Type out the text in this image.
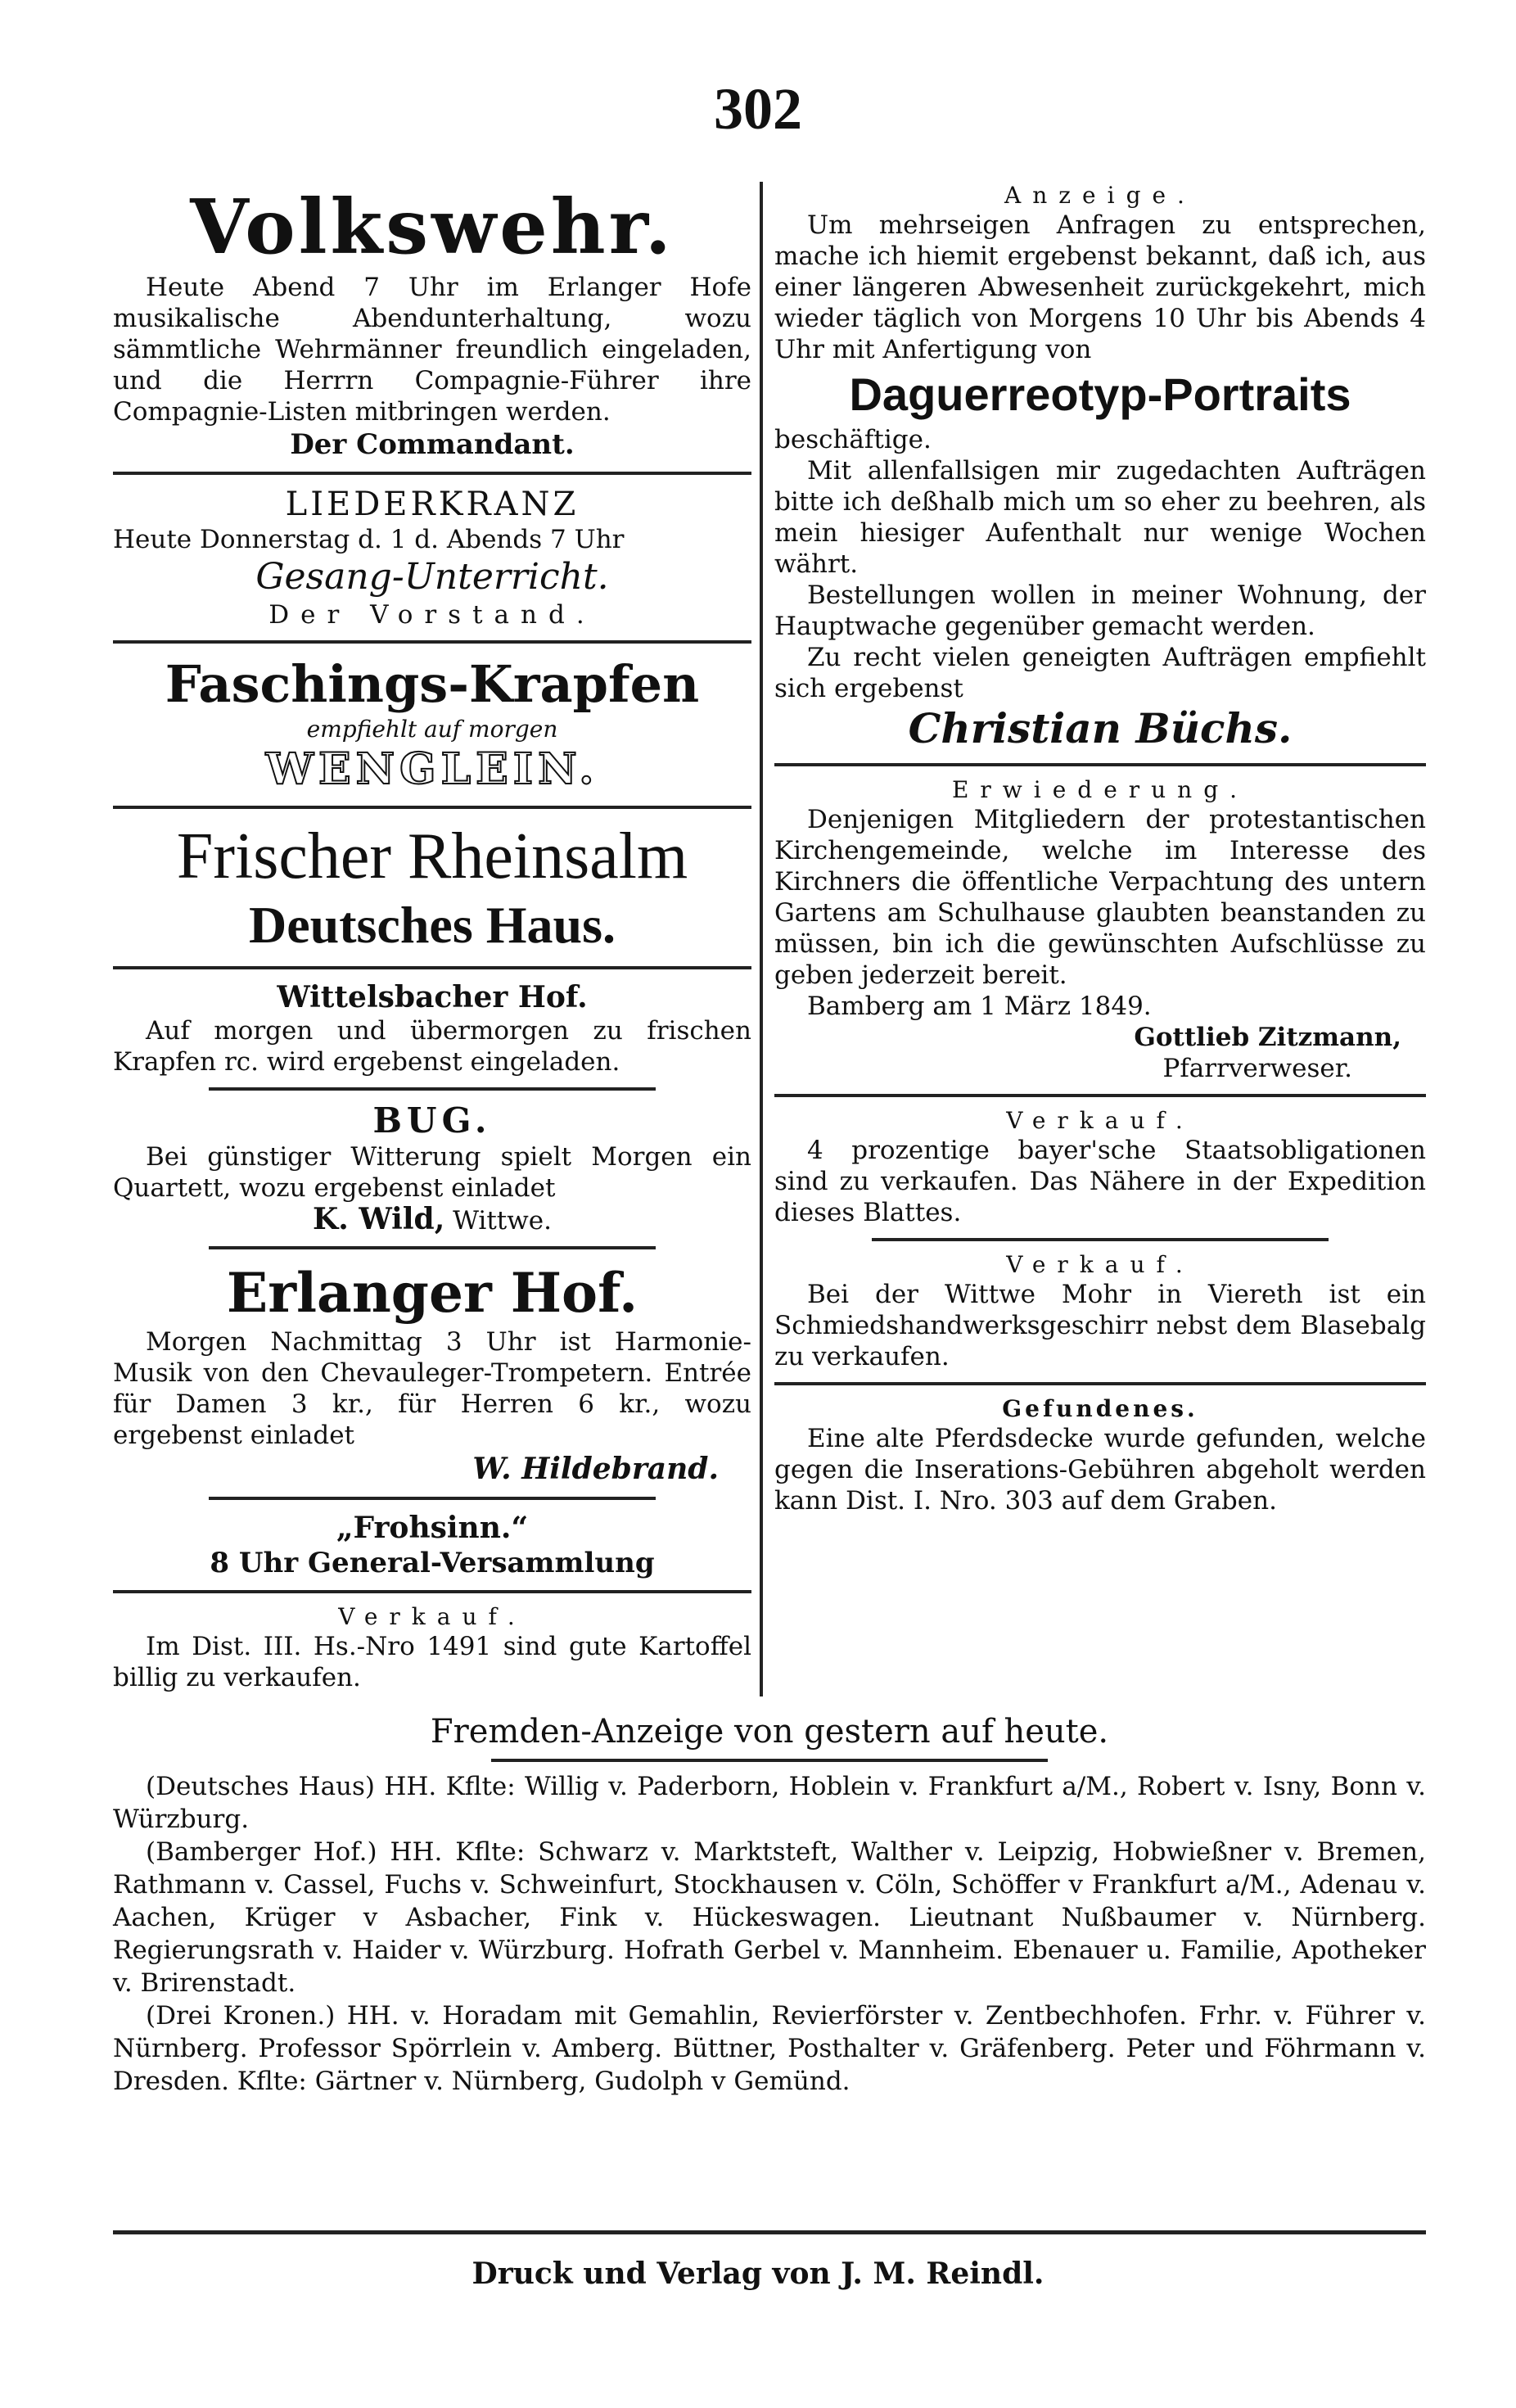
302
Volkswehr.

Heute Abend 7 Uhr im Erlanger Hofe musikalische Abendunterhaltung, wozu sämmtliche Wehrmänner freundlich eingeladen, und die Herrrn Compagnie-Führer ihre Compagnie-Listen mitbringen werden.

Der Commandant.

LIEDERKRANZ

Heute Donnerstag d. 1 d. Abends 7 Uhr

Gesang-Unterricht.

Der Vorstand.

Faschings-Krapfen

empfiehlt auf morgen

WENGLEIN.
Frischer Rheinsalm
Deutsches Haus.

Wittelsbacher Hof.

Auf morgen und übermorgen zu frischen Krapfen rc. wird ergebenst eingeladen.

BUG.

Bei günstiger Witterung spielt Morgen ein Quartett, wozu ergebenst einladet

K. Wild, Wittwe.

Erlanger Hof.

Morgen Nachmittag 3 Uhr ist Harmonie-Musik von den Chevauleger-Trompetern. Entrée für Damen 3 kr., für Herren 6 kr., wozu ergebenst einladet

W. Hildebrand.

„Frohsinn.“

8 Uhr General-Versammlung

Verkauf.

Im Dist. III. Hs.-Nro 1491 sind gute Kartoffel billig zu verkaufen.

Anzeige.

Um mehrseigen Anfragen zu entsprechen, mache ich hiemit ergebenst bekannt, daß ich, aus einer längeren Abwesenheit zurückgekehrt, mich wieder täglich von Morgens 10 Uhr bis Abends 4 Uhr mit Anfertigung von

Daguerreotyp-Portraits

beschäftige.

Mit allenfallsigen mir zugedachten Aufträgen bitte ich deßhalb mich um so eher zu beehren, als mein hiesiger Aufenthalt nur wenige Wochen währt.

Bestellungen wollen in meiner Wohnung, der Hauptwache gegenüber gemacht werden.

Zu recht vielen geneigten Aufträgen empfiehlt sich ergebenst

Christian Büchs.

Erwiederung.

Denjenigen Mitgliedern der protestantischen Kirchengemeinde, welche im Interesse des Kirchners die öffentliche Verpachtung des untern Gartens am Schulhause glaubten beanstanden zu müssen, bin ich die gewünschten Aufschlüsse zu geben jederzeit bereit.

Bamberg am 1 März 1849.

Gottlieb Zitzmann,

Pfarrverweser.

Verkauf.

4 prozentige bayer'sche Staatsobligationen sind zu verkaufen. Das Nähere in der Expedition dieses Blattes.

Verkauf.

Bei der Wittwe Mohr in Viereth ist ein Schmiedshandwerksgeschirr nebst dem Blasebalg zu verkaufen.

Gefundenes.

Eine alte Pferdsdecke wurde gefunden, welche gegen die Inserations-Gebühren abgeholt werden kann Dist. I. Nro. 303 auf dem Graben.

Fremden-Anzeige von gestern auf heute.

(Deutsches Haus) HH. Kflte: Willig v. Paderborn, Hoblein v. Frankfurt a/M., Robert v. Isny, Bonn v. Würzburg.

(Bamberger Hof.) HH. Kflte: Schwarz v. Marktsteft, Walther v. Leipzig, Hobwießner v. Bremen, Rathmann v. Cassel, Fuchs v. Schweinfurt, Stockhausen v. Cöln, Schöffer v Frankfurt a/M., Adenau v. Aachen, Krüger v Asbacher, Fink v. Hückeswagen. Lieutnant Nußbaumer v. Nürnberg. Regierungsrath v. Haider v. Würzburg. Hofrath Gerbel v. Mannheim. Ebenauer u. Familie, Apotheker v. Brirenstadt.

(Drei Kronen.) HH. v. Horadam mit Gemahlin, Revierförster v. Zentbechhofen. Frhr. v. Führer v. Nürnberg. Professor Spörrlein v. Amberg. Büttner, Posthalter v. Gräfenberg. Peter und Föhrmann v. Dresden. Kflte: Gärtner v. Nürnberg, Gudolph v Gemünd.

Druck und Verlag von J. M. Reindl.
